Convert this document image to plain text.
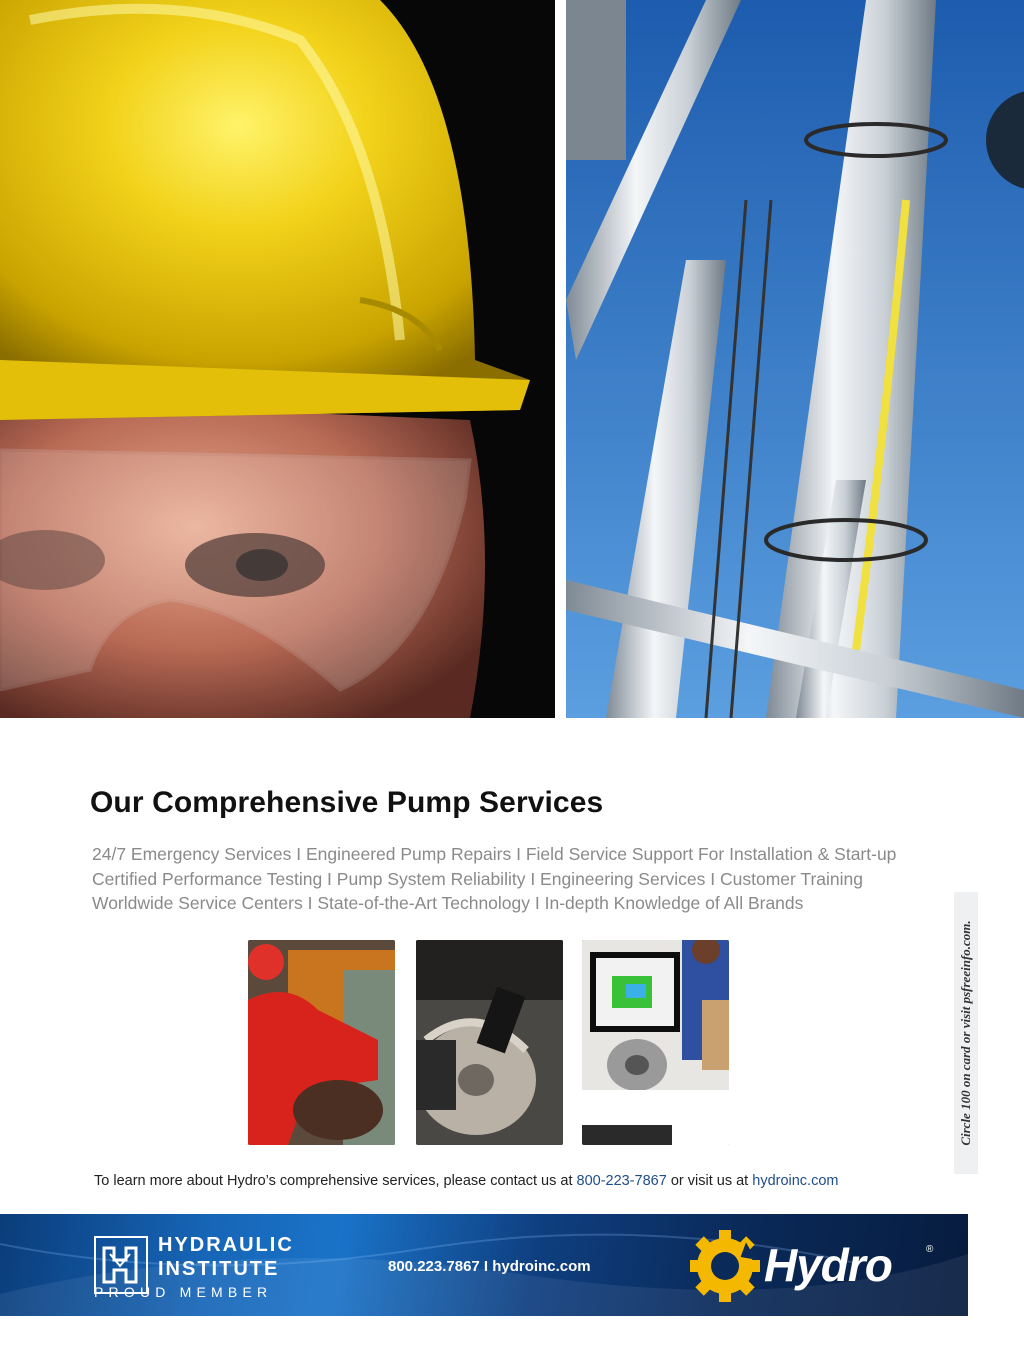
Our Comprehensive Pump Services
24/7 Emergency Services I Engineered Pump Repairs I Field Service Support For Installation & Start-up
Certified Performance Testing I Pump System Reliability I Engineering Services I Customer Training
Worldwide Service Centers I State-of-the-Art Technology I In-depth Knowledge of All Brands
Circle 100 on card or visit psfreeinfo.com.

To learn more about Hydro’s comprehensive services, please contact us at 800-223-7867 or visit us at hydroinc.com

HYDRAULIC
INSTITUTE
PROUD MEMBER
800.223.7867 I hydroinc.com	Hydro	®
